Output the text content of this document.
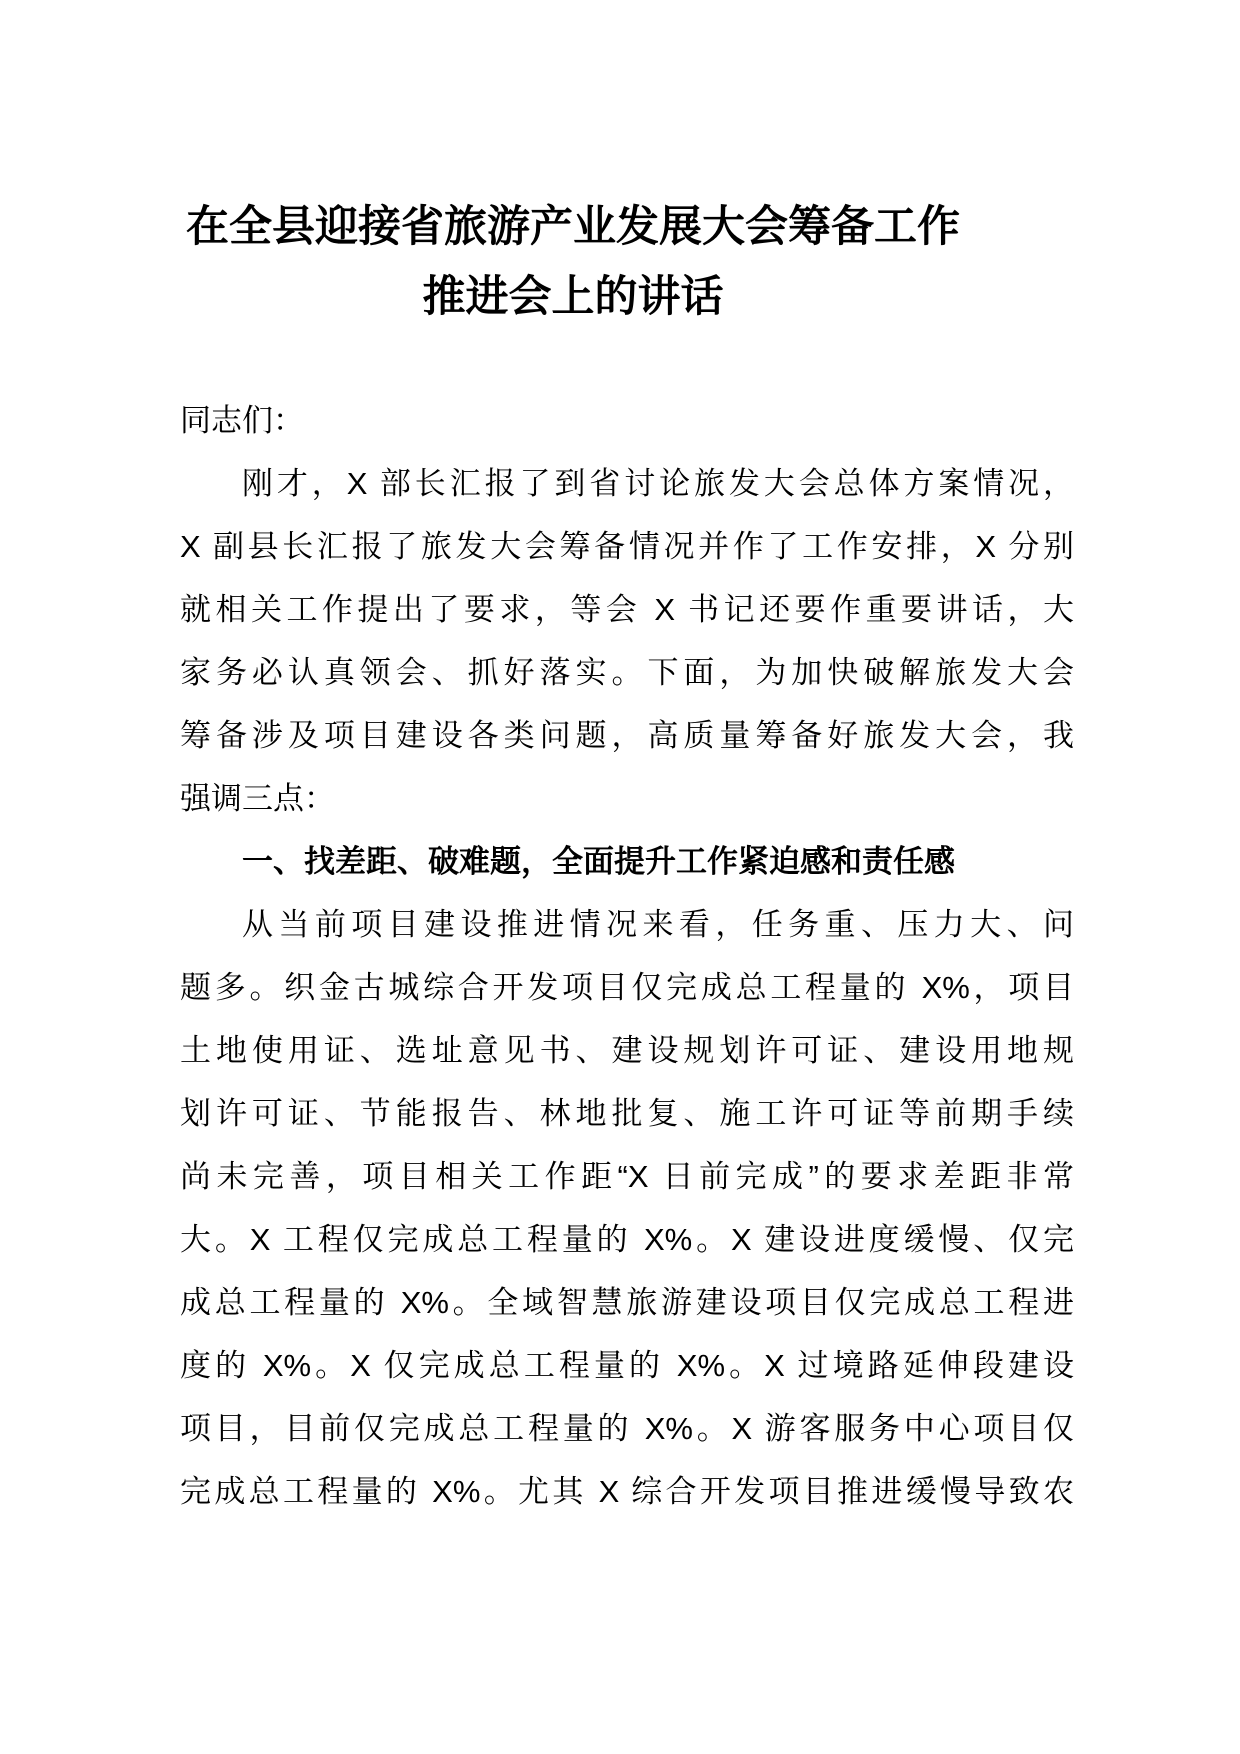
在全县迎接省旅游产业发展大会筹备工作
推进会上的讲话
同志们：
刚才，X 部长汇报了到省讨论旅发大会总体方案情况，
X 副县长汇报了旅发大会筹备情况并作了工作安排，X 分别
就相关工作提出了要求，等会 X 书记还要作重要讲话，大
家务必认真领会、抓好落实。下面，为加快破解旅发大会
筹备涉及项目建设各类问题，高质量筹备好旅发大会，我
强调三点：
一、找差距、破难题，全面提升工作紧迫感和责任感
从当前项目建设推进情况来看，任务重、压力大、问
题多。织金古城综合开发项目仅完成总工程量的 X%，项目
土地使用证、选址意见书、建设规划许可证、建设用地规
划许可证、节能报告、林地批复、施工许可证等前期手续
尚未完善，项目相关工作距“X 日前完成”的要求差距非常
大。X 工程仅完成总工程量的 X%。X 建设进度缓慢、仅完
成总工程量的 X%。全域智慧旅游建设项目仅完成总工程进
度的 X%。X 仅完成总工程量的 X%。X 过境路延伸段建设
项目，目前仅完成总工程量的 X%。X 游客服务中心项目仅
完成总工程量的 X%。尤其 X 综合开发项目推进缓慢导致农
